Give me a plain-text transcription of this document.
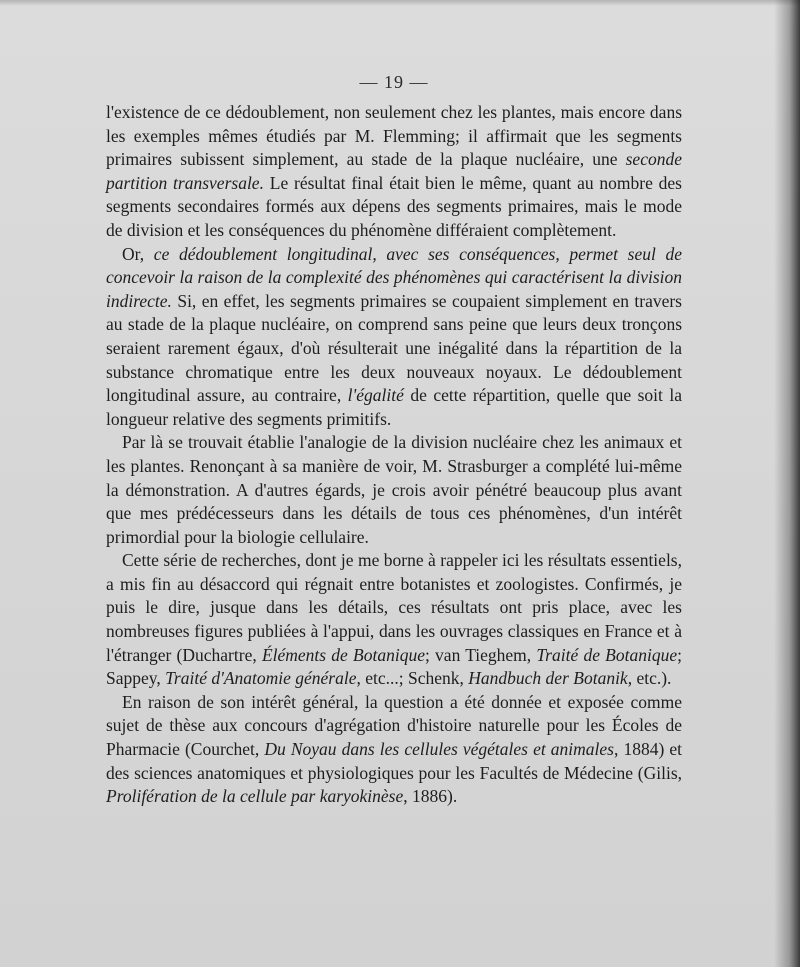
— 19 —

l'existence de ce dédoublement, non seulement chez les plantes, mais encore dans les exemples mêmes étudiés par M. Flemming; il affirmait que les segments primaires subissent simplement, au stade de la plaque nucléaire, une seconde partition transversale. Le résultat final était bien le même, quant au nombre des segments secondaires formés aux dépens des segments primaires, mais le mode de division et les conséquences du phénomène différaient complètement.

Or, ce dédoublement longitudinal, avec ses conséquences, permet seul de concevoir la raison de la complexité des phénomènes qui caractérisent la division indirecte. Si, en effet, les segments primaires se coupaient simplement en travers au stade de la plaque nucléaire, on comprend sans peine que leurs deux tronçons seraient rarement égaux, d'où résulterait une inégalité dans la répartition de la substance chromatique entre les deux nouveaux noyaux. Le dédoublement longitudinal assure, au contraire, l'égalité de cette répartition, quelle que soit la longueur relative des segments primitifs.

Par là se trouvait établie l'analogie de la division nucléaire chez les animaux et les plantes. Renonçant à sa manière de voir, M. Strasburger a complété lui-même la démonstration. A d'autres égards, je crois avoir pénétré beaucoup plus avant que mes prédécesseurs dans les détails de tous ces phénomènes, d'un intérêt primordial pour la biologie cellulaire.

Cette série de recherches, dont je me borne à rappeler ici les résultats essentiels, a mis fin au désaccord qui régnait entre botanistes et zoologistes. Confirmés, je puis le dire, jusque dans les détails, ces résultats ont pris place, avec les nombreuses figures publiées à l'appui, dans les ouvrages classiques en France et à l'étranger (Duchartre, Éléments de Botanique; van Tieghem, Traité de Botanique; Sappey, Traité d'Anatomie générale, etc...; Schenk, Handbuch der Botanik, etc.).

En raison de son intérêt général, la question a été donnée et exposée comme sujet de thèse aux concours d'agrégation d'histoire naturelle pour les Écoles de Pharmacie (Courchet, Du Noyau dans les cellules végétales et animales, 1884) et des sciences anatomiques et physiologiques pour les Facultés de Médecine (Gilis, Prolifération de la cellule par karyokinèse, 1886).
